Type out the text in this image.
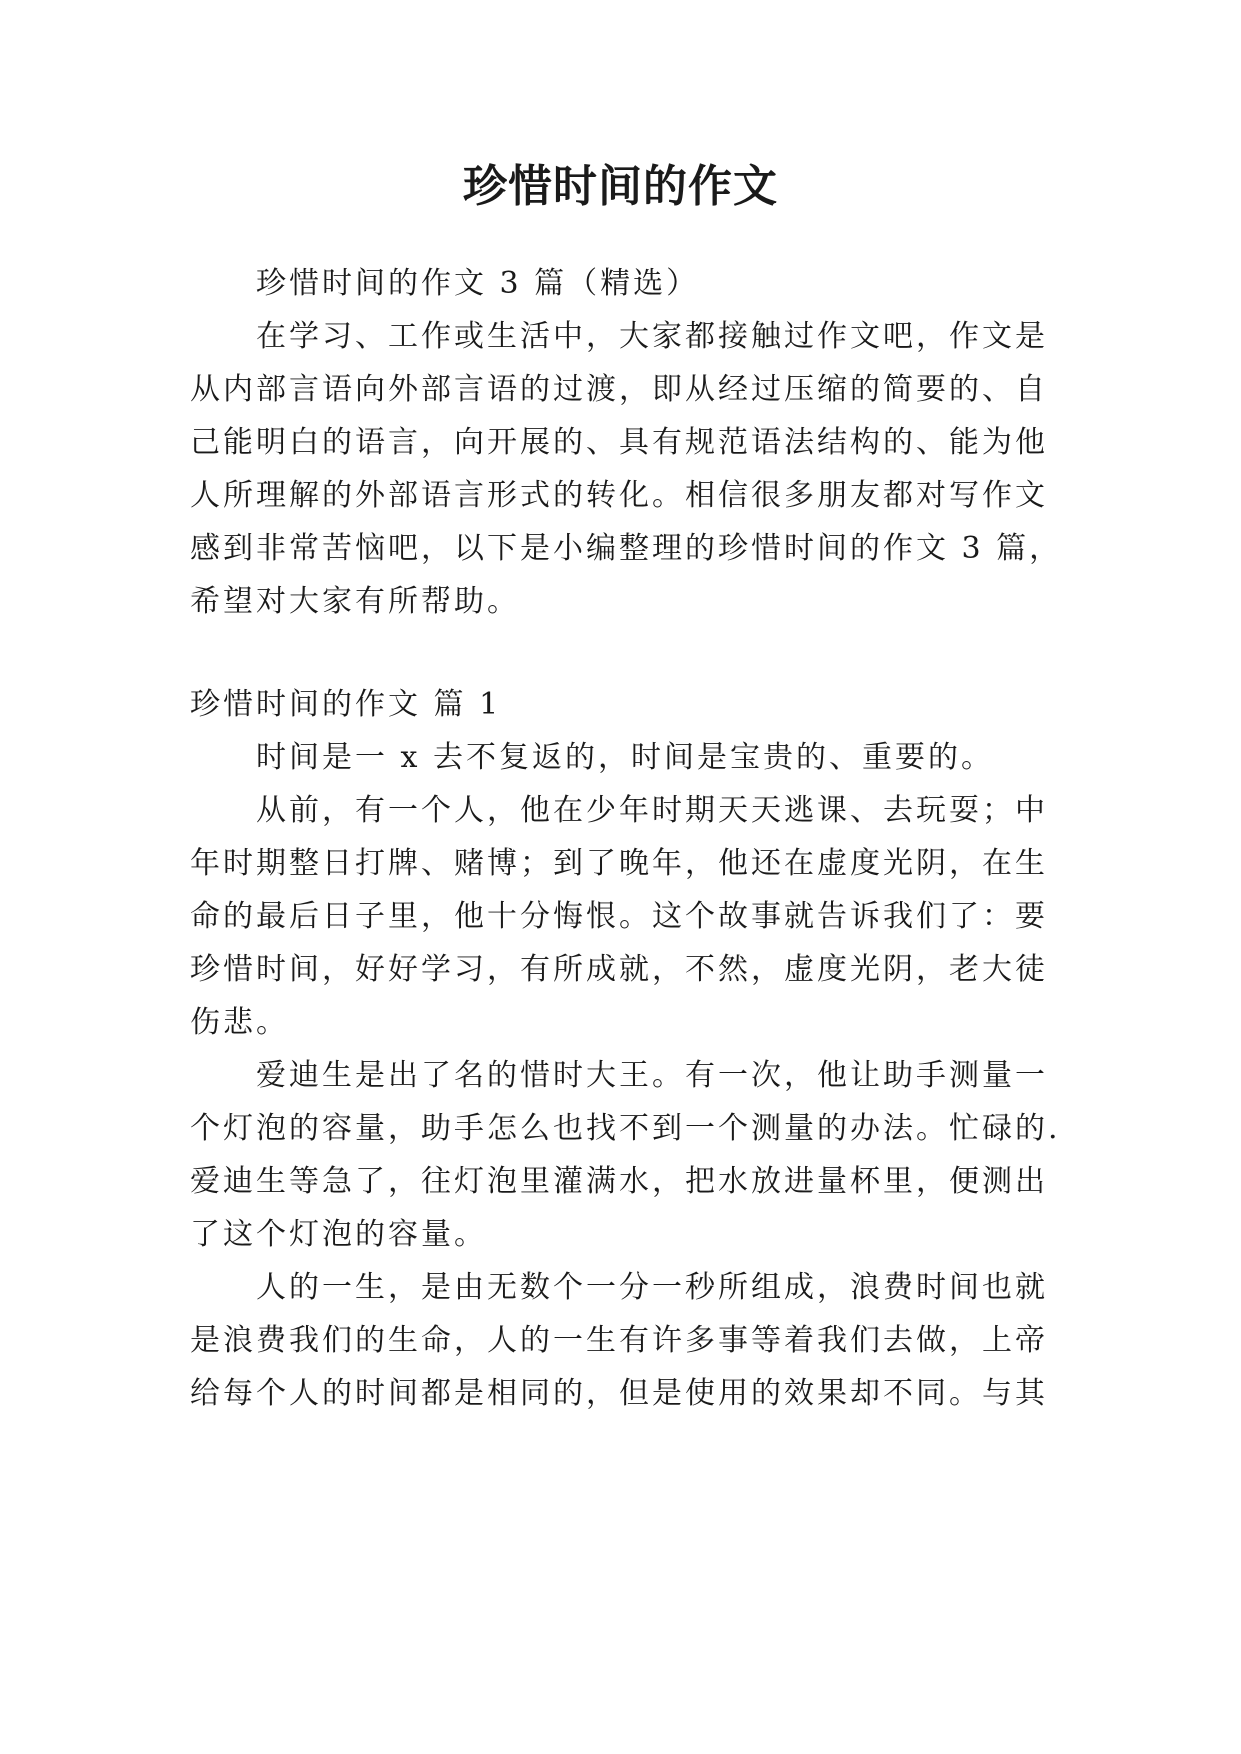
珍惜时间的作文
珍惜时间的作文 3 篇（精选）
在学习、工作或生活中，大家都接触过作文吧，作文是
从内部言语向外部言语的过渡，即从经过压缩的简要的、自
己能明白的语言，向开展的、具有规范语法结构的、能为他
人所理解的外部语言形式的转化。相信很多朋友都对写作文
感到非常苦恼吧，以下是小编整理的珍惜时间的作文 3 篇，
希望对大家有所帮助。
珍惜时间的作文 篇 1
时间是一 x 去不复返的，时间是宝贵的、重要的。
从前，有一个人，他在少年时期天天逃课、去玩耍；中
年时期整日打牌、赌博；到了晚年，他还在虚度光阴，在生
命的最后日子里，他十分悔恨。这个故事就告诉我们了：要
珍惜时间，好好学习，有所成就，不然，虚度光阴，老大徒
伤悲。
爱迪生是出了名的惜时大王。有一次，他让助手测量一
个灯泡的容量，助手怎么也找不到一个测量的办法。忙碌的.
爱迪生等急了，往灯泡里灌满水，把水放进量杯里，便测出
了这个灯泡的容量。
人的一生，是由无数个一分一秒所组成，浪费时间也就
是浪费我们的生命，人的一生有许多事等着我们去做，上帝
给每个人的时间都是相同的，但是使用的效果却不同。与其
